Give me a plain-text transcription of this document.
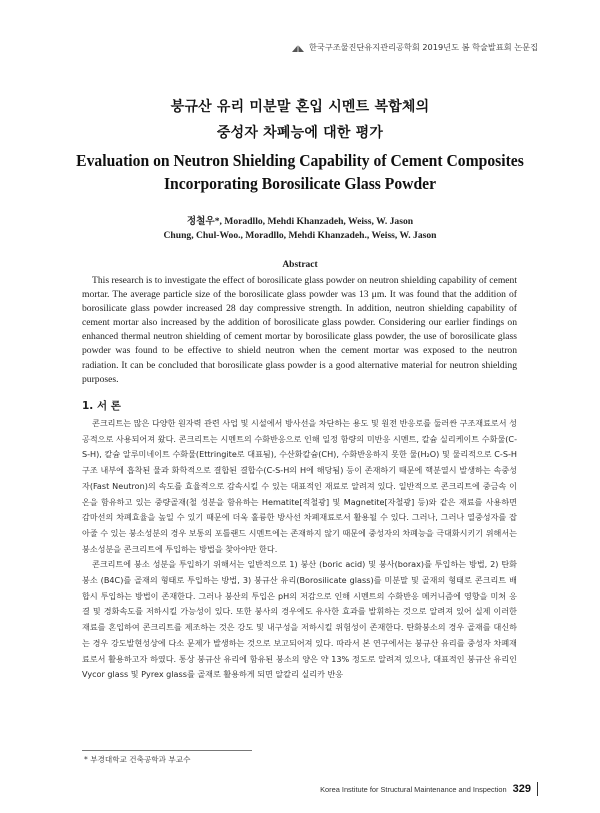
한국구조물진단유지관리공학회 2019년도 봄 학술발표회 논문집
붕규산 유리 미분말 혼입 시멘트 복합체의
중성자 차폐능에 대한 평가
Evaluation on Neutron Shielding Capability of Cement Composites
Incorporating Borosilicate Glass Powder
정철우*, Moradllo, Mehdi Khanzadeh, Weiss, W. Jason
Chung, Chul-Woo., Moradllo, Mehdi Khanzadeh., Weiss, W. Jason
Abstract

This research is to investigate the effect of borosilicate glass powder on neutron shielding capability of cement mortar. The average particle size of the borosilicate glass powder was 13 μm. It was found that the addition of borosilicate glass powder increased 28 day compressive strength. In addition, neutron shielding capability of cement mortar also increased by the addition of borosilicate glass powder. Considering our earlier findings on enhanced thermal neutron shielding of cement mortar by borosilicate glass powder, the use of borosilicate glass powder was found to be effective to shield neutron when the cement mortar was exposed to the neutron radiation. It can be concluded that borosilicate glass powder is a good alternative material for neutron shielding purposes.

1. 서 론

콘크리트는 많은 다양한 원자력 관련 사업 및 시설에서 방사선을 차단하는 용도 및 원전 반응로를 둘러싼 구조재료로서 성공적으로 사용되어져 왔다. 콘크리트는 시멘트의 수화반응으로 인해 일정 함량의 미반응 시멘트, 칼슘 실리케이트 수화물(C-S-H), 칼슘 알루미네이트 수화물(Ettringite로 대표됨), 수산화칼슘(CH), 수화반응하지 못한 물(H₂O) 및 물리적으로 C-S-H 구조 내부에 흡착된 물과 화학적으로 결합된 결합수(C-S-H의 H에 해당됨) 등이 존재하기 때문에 핵분열시 발생하는 속중성자(Fast Neutron)의 속도를 효율적으로 감속시킬 수 있는 대표적인 재료로 알려져 있다. 일반적으로 콘크리트에 중금속 이온을 함유하고 있는 중량골재(철 성분을 함유하는 Hematite[적철광] 및 Magnetite[자철광] 등)와 같은 재료를 사용하면 감마선의 차폐효율을 높일 수 있기 때문에 더욱 훌륭한 방사선 차폐재료로서 활용될 수 있다. 그러나, 그러나 열중성자를 잡아줄 수 있는 붕소성분의 경우 보통의 포틀랜드 시멘트에는 존재하지 않기 때문에 중성자의 차폐능을 극대화시키기 위해서는 붕소성분을 콘크리트에 투입하는 방법을 찾아야만 한다.

콘크리트에 붕소 성분을 투입하기 위해서는 일반적으로 1) 붕산 (boric acid) 및 붕사(borax)를 투입하는 방법, 2) 탄화붕소 (B4C)를 골재의 형태로 투입하는 방법, 3) 붕규산 유리(Borosilicate glass)를 미분말 및 골재의 형태로 콘크리트 배합시 투입하는 방법이 존재한다. 그러나 붕산의 투입은 pH의 저감으로 인해 시멘트의 수화반응 메커니즘에 영향을 미쳐 응결 및 경화속도를 저하시킬 가능성이 있다. 또한 붕사의 경우에도 유사한 효과를 발휘하는 것으로 알려져 있어 실제 이러한 재료를 혼입하여 콘크리트를 제조하는 것은 강도 및 내구성을 저하시킬 위험성이 존재한다. 탄화붕소의 경우 골재를 대신하는 경우 강도발현성상에 다소 문제가 발생하는 것으로 보고되어져 있다. 따라서 본 연구에서는 붕규산 유리를 중성자 차폐재료로서 활용하고자 하였다. 통상 붕규산 유리에 함유된 붕소의 양은 약 13% 정도로 알려져 있으나, 대표적인 붕규산 유리인 Vycor glass 및 Pyrex glass를 골재로 활용하게 되면 알칼리 실리카 반응

* 부경대학교 건축공학과 부교수
Korea Institute for Structural Maintenance and Inspection 329
